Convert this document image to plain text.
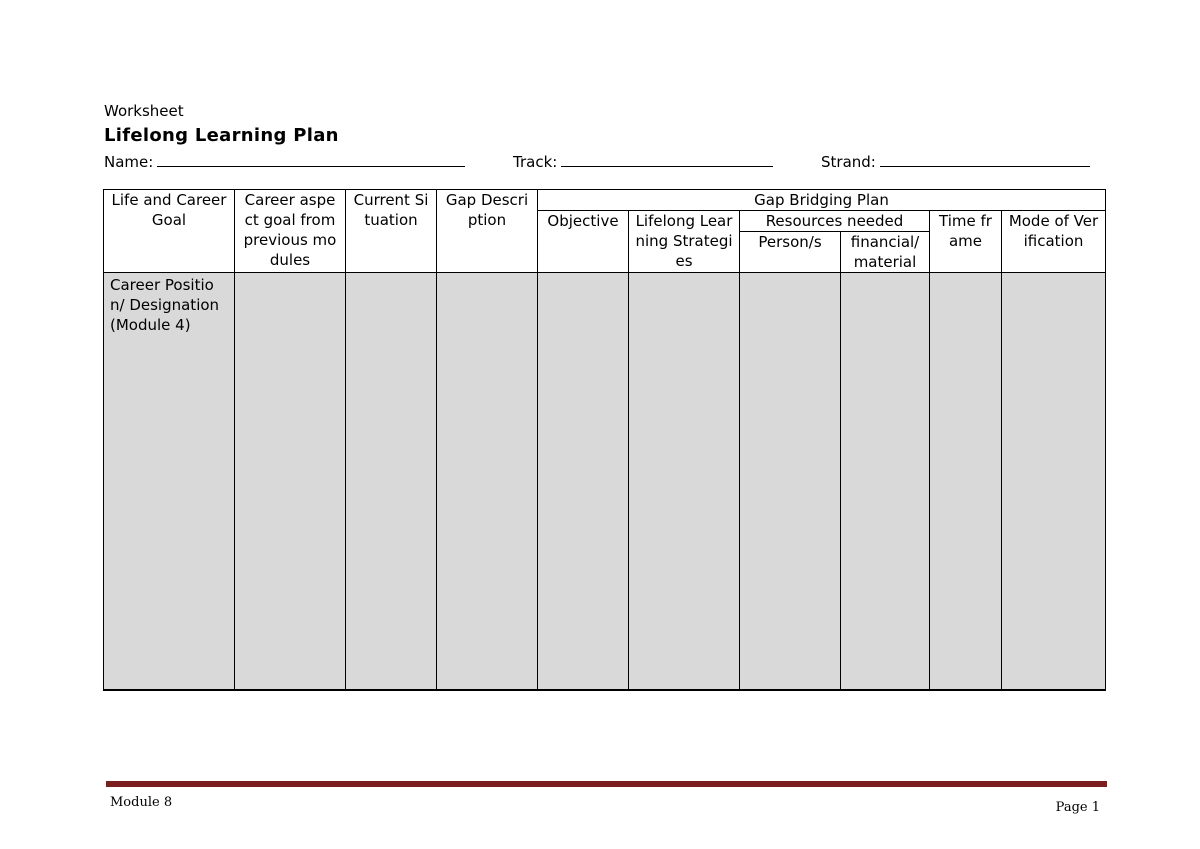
Worksheet
Lifelong Learning Plan
Name:	Track:	Strand:
Life and Career Goal	Career aspect goal from previous modules	Current Situation	Gap Description	Gap Bridging Plan					
				Objective	Lifelong Learning Strategies	Resources needed		Time frame	Mode of Verification
						Person/s	financial/ material		
Career Position/ Designation (Module 4)									
Module 8	Page 1
